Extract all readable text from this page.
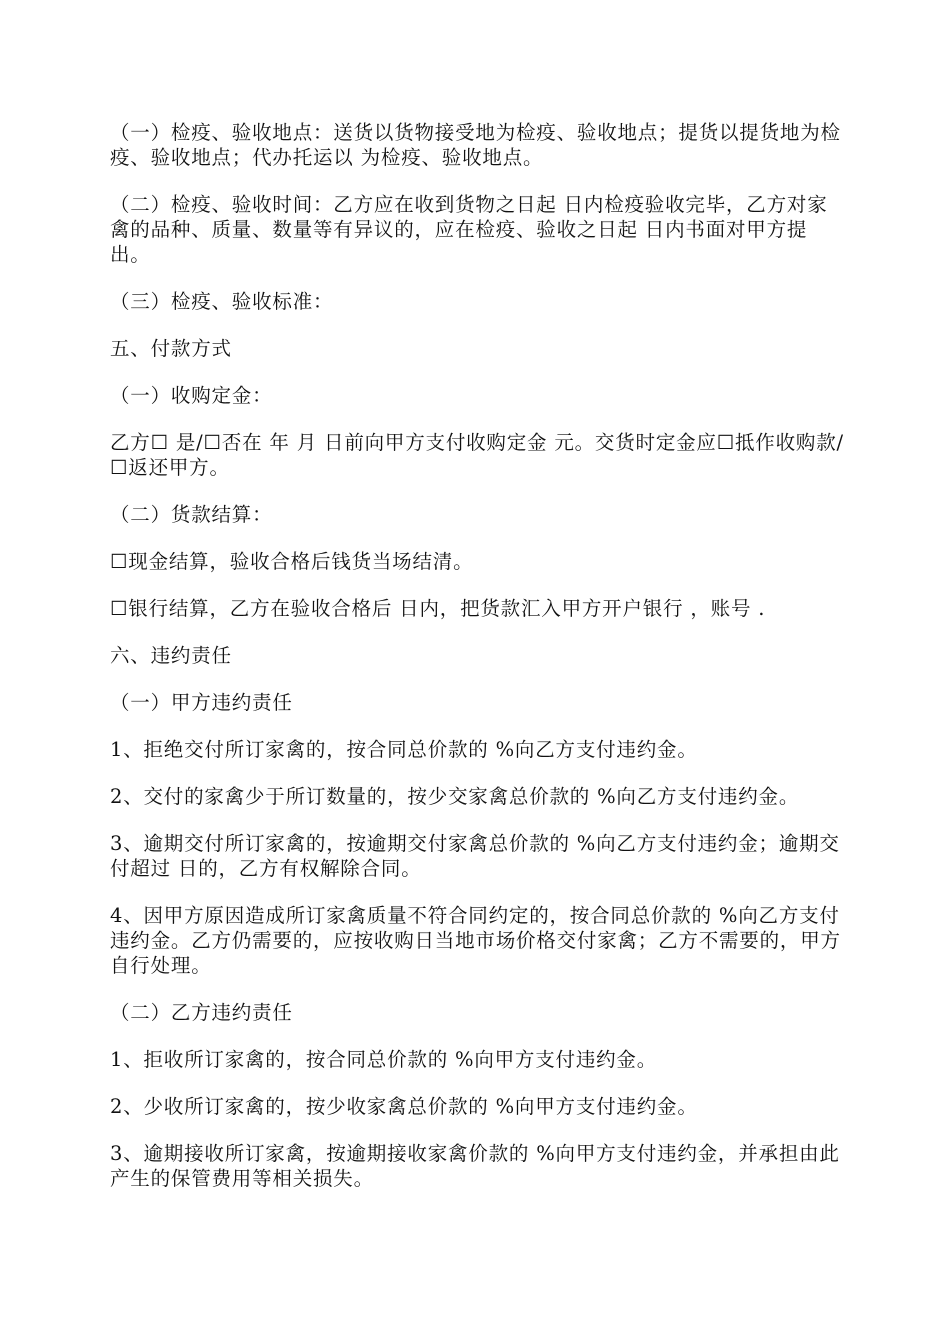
（一）检疫、验收地点：送货以货物接受地为检疫、验收地点；提货以提货地为检疫、验收地点；代办托运以 为检疫、验收地点。

（二）检疫、验收时间：乙方应在收到货物之日起 日内检疫验收完毕，乙方对家禽的品种、质量、数量等有异议的，应在检疫、验收之日起 日内书面对甲方提出。

（三）检疫、验收标准：

五、付款方式

（一）收购定金：

乙方☐ 是/☐否在 年 月 日前向甲方支付收购定金 元。交货时定金应☐抵作收购款/☐返还甲方。

（二）货款结算：

☐现金结算，验收合格后钱货当场结清。

☐银行结算，乙方在验收合格后 日内，把货款汇入甲方开户银行 ，账号 .

六、违约责任

（一）甲方违约责任

1、拒绝交付所订家禽的，按合同总价款的 %向乙方支付违约金。

2、交付的家禽少于所订数量的，按少交家禽总价款的 %向乙方支付违约金。

3、逾期交付所订家禽的，按逾期交付家禽总价款的 %向乙方支付违约金；逾期交付超过 日的，乙方有权解除合同。

4、因甲方原因造成所订家禽质量不符合同约定的，按合同总价款的 %向乙方支付违约金。乙方仍需要的，应按收购日当地市场价格交付家禽；乙方不需要的，甲方自行处理。

（二）乙方违约责任

1、拒收所订家禽的，按合同总价款的 %向甲方支付违约金。

2、少收所订家禽的，按少收家禽总价款的 %向甲方支付违约金。

3、逾期接收所订家禽，按逾期接收家禽价款的 %向甲方支付违约金，并承担由此产生的保管费用等相关损失。
